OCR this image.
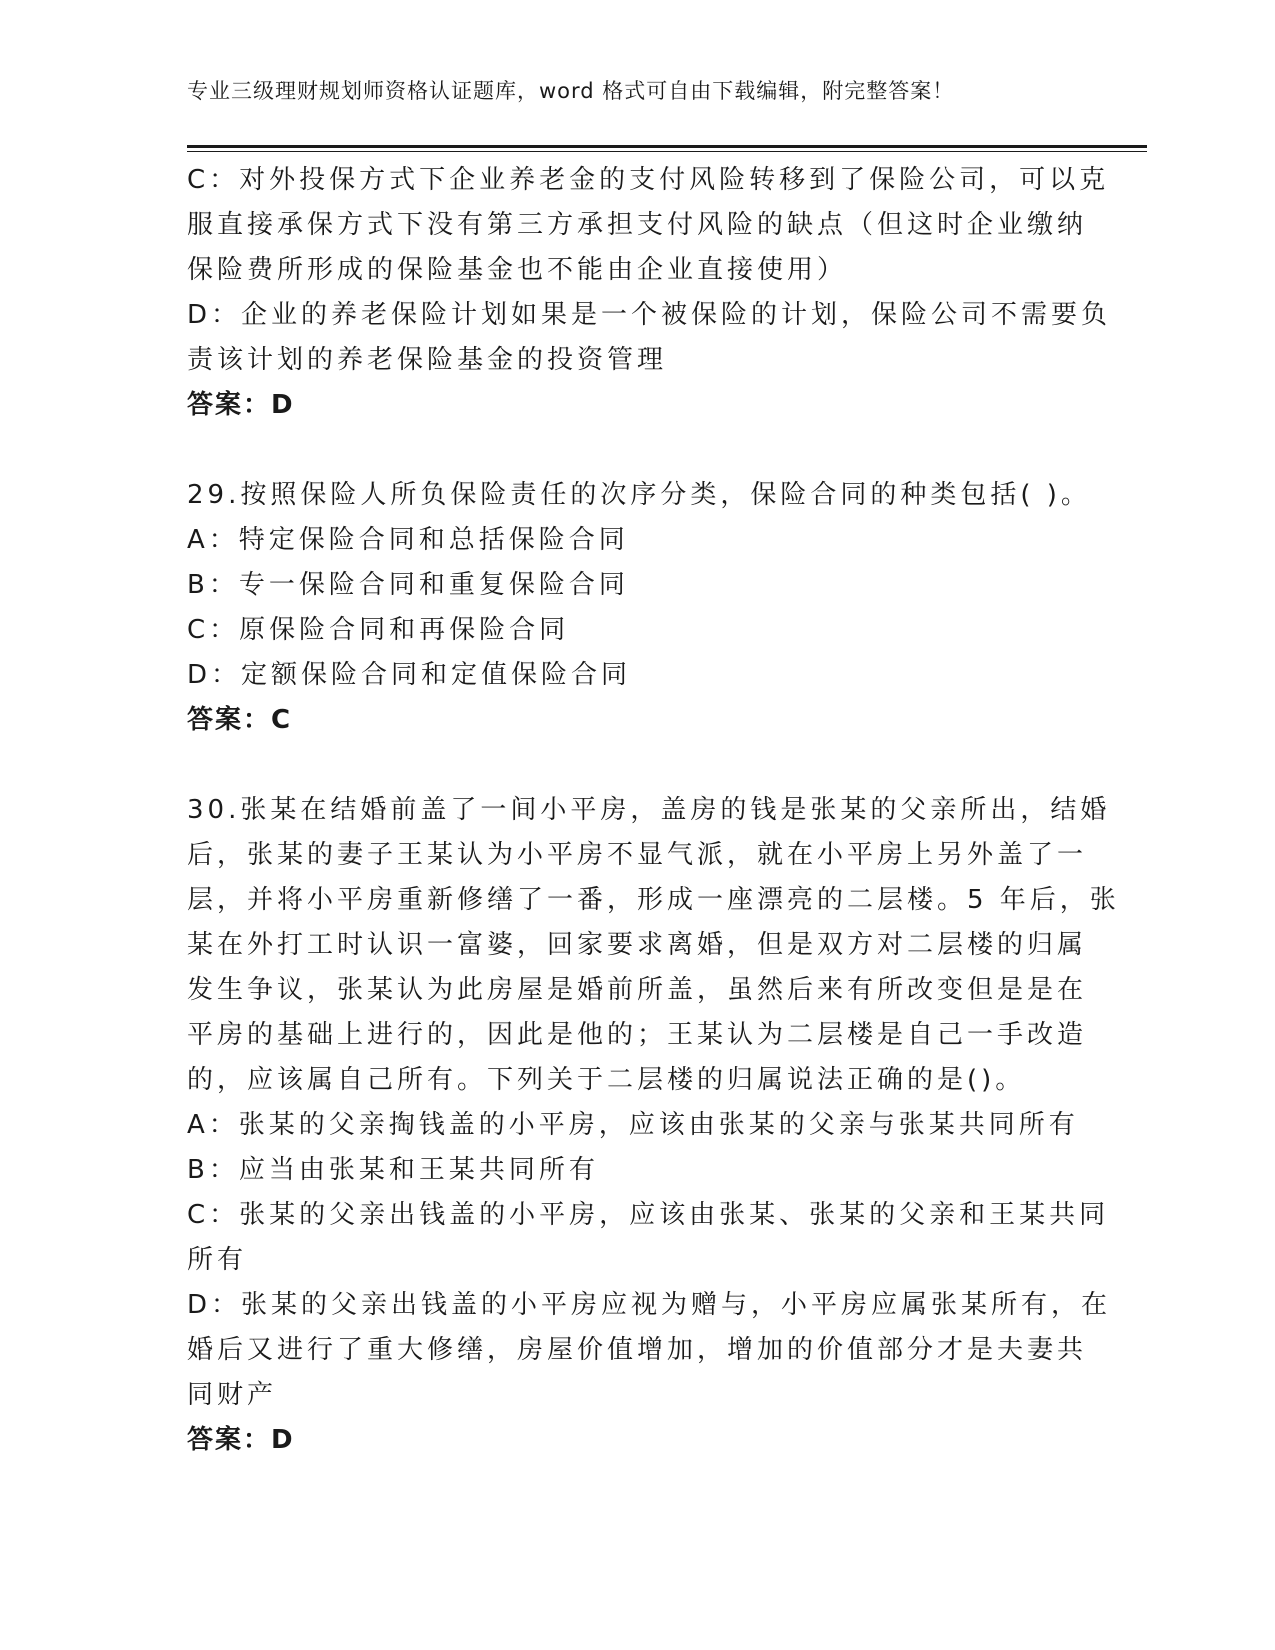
专业三级理财规划师资格认证题库，word 格式可自由下载编辑，附完整答案！
C：对外投保方式下企业养老金的支付风险转移到了保险公司，可以克
服直接承保方式下没有第三方承担支付风险的缺点（但这时企业缴纳
保险费所形成的保险基金也不能由企业直接使用）
D：企业的养老保险计划如果是一个被保险的计划，保险公司不需要负
责该计划的养老保险基金的投资管理
答案：D
29.按照保险人所负保险责任的次序分类，保险合同的种类包括( )。
A：特定保险合同和总括保险合同
B：专一保险合同和重复保险合同
C：原保险合同和再保险合同
D：定额保险合同和定值保险合同
答案：C
30.张某在结婚前盖了一间小平房，盖房的钱是张某的父亲所出，结婚
后，张某的妻子王某认为小平房不显气派，就在小平房上另外盖了一
层，并将小平房重新修缮了一番，形成一座漂亮的二层楼。5 年后，张
某在外打工时认识一富婆，回家要求离婚，但是双方对二层楼的归属
发生争议，张某认为此房屋是婚前所盖，虽然后来有所改变但是是在
平房的基础上进行的，因此是他的；王某认为二层楼是自己一手改造
的，应该属自己所有。下列关于二层楼的归属说法正确的是()。
A：张某的父亲掏钱盖的小平房，应该由张某的父亲与张某共同所有
B：应当由张某和王某共同所有
C：张某的父亲出钱盖的小平房，应该由张某、张某的父亲和王某共同
所有
D：张某的父亲出钱盖的小平房应视为赠与，小平房应属张某所有，在
婚后又进行了重大修缮，房屋价值增加，增加的价值部分才是夫妻共
同财产
答案：D
